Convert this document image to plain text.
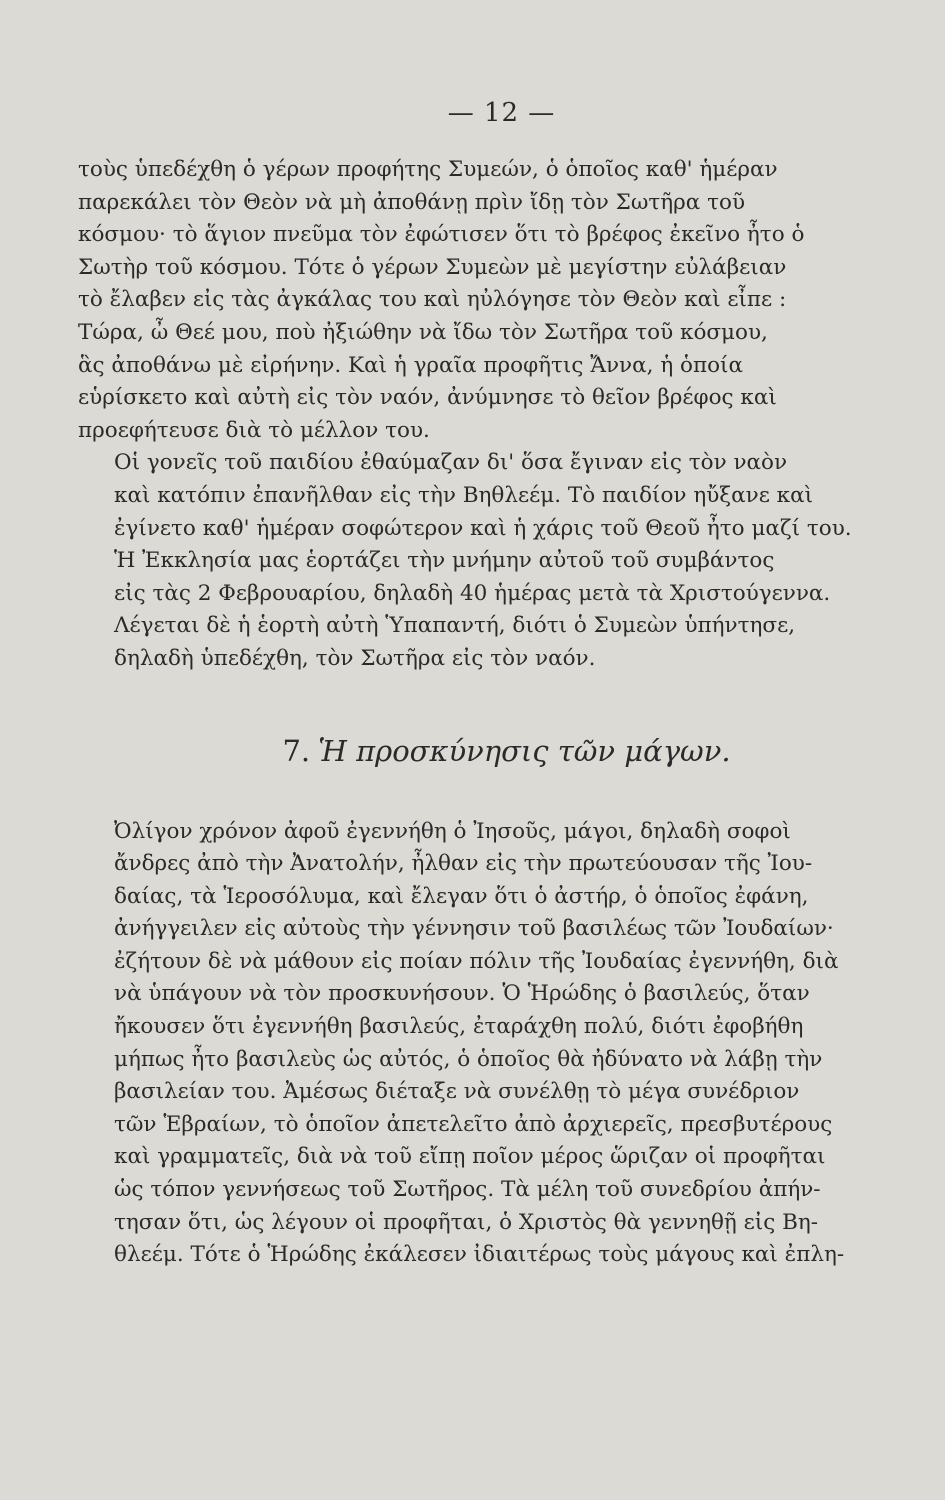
— 12 —
τοὺς ὑπεδέχθη ὁ γέρων προφήτης Συμεών, ὁ ὁποῖος καθ' ἡμέραν
παρεκάλει τὸν Θεὸν νὰ μὴ ἀποθάνῃ πρὶν ἴδῃ τὸν Σωτῆρα τοῦ
κόσμου· τὸ ἅγιον πνεῦμα τὸν ἐφώτισεν ὅτι τὸ βρέφος ἐκεῖνο ἦτο ὁ
Σωτὴρ τοῦ κόσμου. Τότε ὁ γέρων Συμεὼν μὲ μεγίστην εὐλάβειαν
τὸ ἔλαβεν εἰς τὰς ἀγκάλας του καὶ ηὐλόγησε τὸν Θεὸν καὶ εἶπε :
Τώρα, ὦ Θεέ μου, ποὺ ἠξιώθην νὰ ἴδω τὸν Σωτῆρα τοῦ κόσμου,
ἃς ἀποθάνω μὲ εἰρήνην. Καὶ ἡ γραῖα προφῆτις Ἄννα, ἡ ὁποία
εὑρίσκετο καὶ αὐτὴ εἰς τὸν ναόν, ἀνύμνησε τὸ θεῖον βρέφος καὶ
προεφήτευσε διὰ τὸ μέλλον του.
Οἱ γονεῖς τοῦ παιδίου ἐθαύμαζαν δι' ὅσα ἔγιναν εἰς τὸν ναὸν
καὶ κατόπιν ἐπανῆλθαν εἰς τὴν Βηθλεέμ. Τὸ παιδίον ηὔξανε καὶ
ἐγίνετο καθ' ἡμέραν σοφώτερον καὶ ἡ χάρις τοῦ Θεοῦ ἦτο μαζί του.
Ἡ Ἐκκλησία μας ἑορτάζει τὴν μνήμην αὐτοῦ τοῦ συμβάντος
εἰς τὰς 2 Φεβρουαρίου, δηλαδὴ 40 ἡμέρας μετὰ τὰ Χριστούγεννα.
Λέγεται δὲ ἡ ἑορτὴ αὐτὴ Ὑπαπαντή, διότι ὁ Συμεὼν ὑπήντησε,
δηλαδὴ ὑπεδέχθη, τὸν Σωτῆρα εἰς τὸν ναόν.
7. Ἡ προσκύνησις τῶν μάγων.
Ὀλίγον χρόνον ἀφοῦ ἐγεννήθη ὁ Ἰησοῦς, μάγοι, δηλαδὴ σοφοὶ
ἄνδρες ἀπὸ τὴν Ἀνατολήν, ἦλθαν εἰς τὴν πρωτεύουσαν τῆς Ἰου-
δαίας, τὰ Ἱεροσόλυμα, καὶ ἔλεγαν ὅτι ὁ ἀστήρ, ὁ ὁποῖος ἐφάνη,
ἀνήγγειλεν εἰς αὐτοὺς τὴν γέννησιν τοῦ βασιλέως τῶν Ἰουδαίων·
ἐζήτουν δὲ νὰ μάθουν εἰς ποίαν πόλιν τῆς Ἰουδαίας ἐγεννήθη, διὰ
νὰ ὑπάγουν νὰ τὸν προσκυνήσουν. Ὁ Ἡρώδης ὁ βασιλεύς, ὅταν
ἤκουσεν ὅτι ἐγεννήθη βασιλεύς, ἐταράχθη πολύ, διότι ἐφοβήθη
μήπως ἦτο βασιλεὺς ὡς αὐτός, ὁ ὁποῖος θὰ ἠδύνατο νὰ λάβῃ τὴν
βασιλείαν του. Ἀμέσως διέταξε νὰ συνέλθῃ τὸ μέγα συνέδριον
τῶν Ἑβραίων, τὸ ὁποῖον ἀπετελεῖτο ἀπὸ ἀρχιερεῖς, πρεσβυτέρους
καὶ γραμματεῖς, διὰ νὰ τοῦ εἴπῃ ποῖον μέρος ὥριζαν οἱ προφῆται
ὡς τόπον γεννήσεως τοῦ Σωτῆρος. Τὰ μέλη τοῦ συνεδρίου ἀπήν-
τησαν ὅτι, ὡς λέγουν οἱ προφῆται, ὁ Χριστὸς θὰ γεννηθῇ εἰς Βη-
θλεέμ. Τότε ὁ Ἡρώδης ἐκάλεσεν ἰδιαιτέρως τοὺς μάγους καὶ ἐπλη-
